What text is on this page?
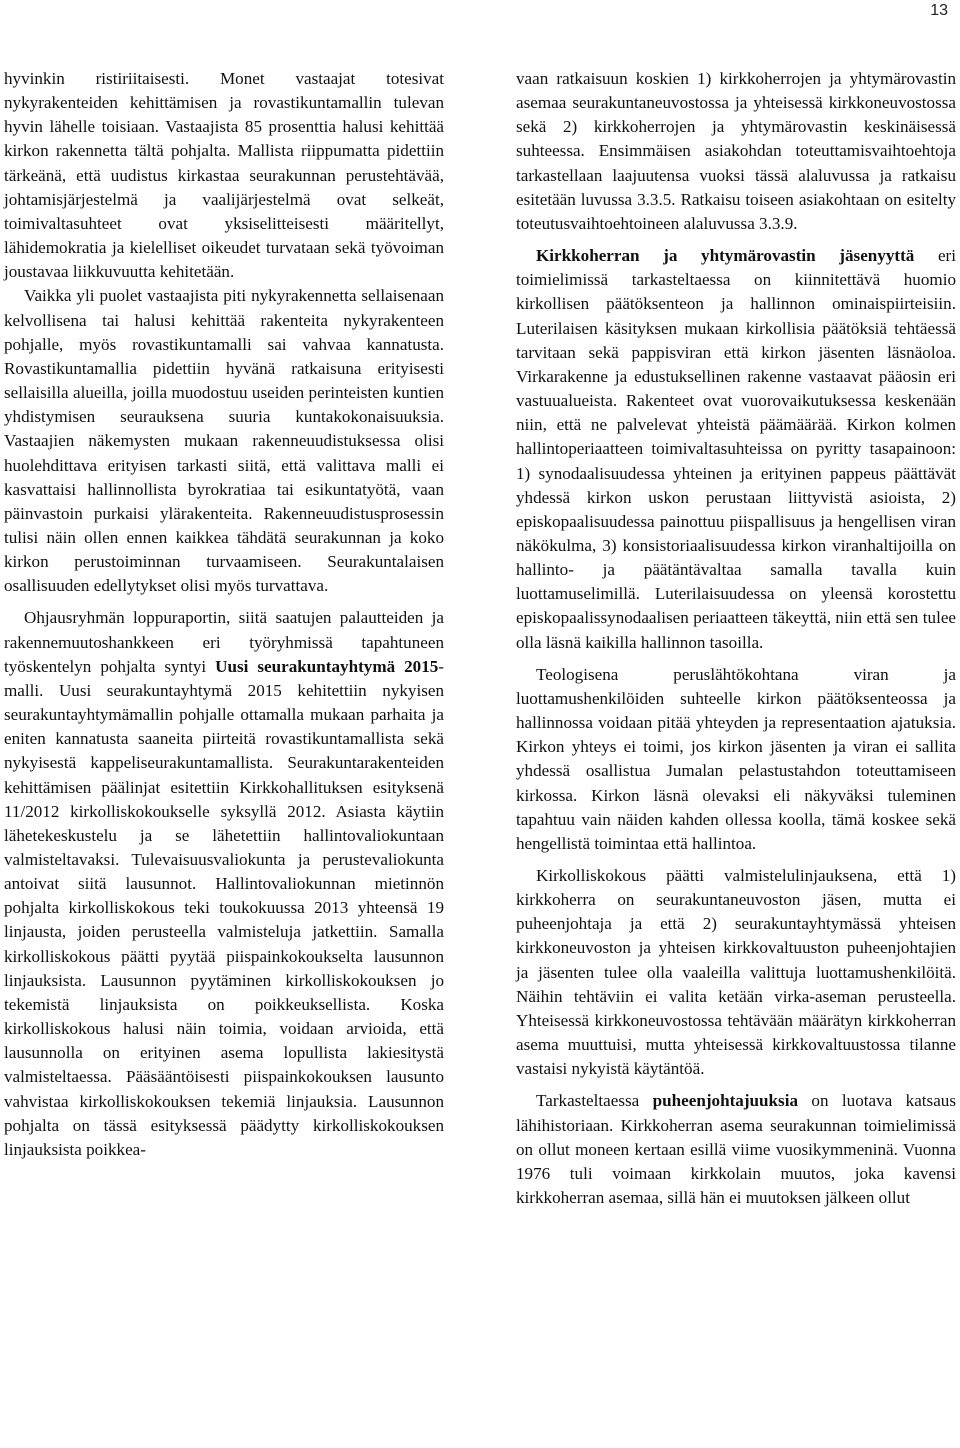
13

hyvinkin ristiriitaisesti. Monet vastaajat totesivat nykyrakenteiden kehittämisen ja rovastikuntamallin tulevan hyvin lähelle toisiaan. Vastaajista 85 prosenttia halusi kehittää kirkon rakennetta tältä pohjalta. Mallista riippumatta pidettiin tärkeänä, että uudistus kirkastaa seurakunnan perustehtävää, johtamisjärjestelmä ja vaalijärjestelmä ovat selkeät, toimivaltasuhteet ovat yksiselitteisesti määritellyt, lähidemokratia ja kielelliset oikeudet turvataan sekä työvoiman joustavaa liikkuvuutta kehitetään.

Vaikka yli puolet vastaajista piti nykyrakennetta sellaisenaan kelvollisena tai halusi kehittää rakenteita nykyrakenteen pohjalle, myös rovastikuntamalli sai vahvaa kannatusta. Rovastikuntamallia pidettiin hyvänä ratkaisuna erityisesti sellaisilla alueilla, joilla muodostuu useiden perinteisten kuntien yhdistymisen seurauksena suuria kuntakokonaisuuksia. Vastaajien näkemysten mukaan rakenneuudistuksessa olisi huolehdittava erityisen tarkasti siitä, että valittava malli ei kasvattaisi hallinnollista byrokratiaa tai esikuntatyötä, vaan päinvastoin purkaisi ylärakenteita. Rakenneuudistusprosessin tulisi näin ollen ennen kaikkea tähdätä seurakunnan ja koko kirkon perustoiminnan turvaamiseen. Seurakuntalaisen osallisuuden edellytykset olisi myös turvattava.

Ohjausryhmän loppuraportin, siitä saatujen palautteiden ja rakennemuutoshankkeen eri työryhmissä tapahtuneen työskentelyn pohjalta syntyi Uusi seurakuntayhtymä 2015-malli. Uusi seurakuntayhtymä 2015 kehitettiin nykyisen seurakuntayhtymämallin pohjalle ottamalla mukaan parhaita ja eniten kannatusta saaneita piirteitä rovastikuntamallista sekä nykyisestä kappeliseurakuntamallista. Seurakuntarakenteiden kehittämisen päälinjat esitettiin Kirkkohallituksen esityksenä 11/2012 kirkolliskokoukselle syksyllä 2012. Asiasta käytiin lähetekeskustelu ja se lähetettiin hallintovaliokuntaan valmisteltavaksi. Tulevaisuusvaliokunta ja perustevaliokunta antoivat siitä lausunnot. Hallintovaliokunnan mietinnön pohjalta kirkolliskokous teki toukokuussa 2013 yhteensä 19 linjausta, joiden perusteella valmisteluja jatkettiin. Samalla kirkolliskokous päätti pyytää piispainkokoukselta lausunnon linjauksista. Lausunnon pyytäminen kirkolliskokouksen jo tekemistä linjauksista on poikkeuksellista. Koska kirkolliskokous halusi näin toimia, voidaan arvioida, että lausunnolla on erityinen asema lopullista lakiesitystä valmisteltaessa. Pääsääntöisesti piispainkokouksen lausunto vahvistaa kirkolliskokouksen tekemiä linjauksia. Lausunnon pohjalta on tässä esityksessä päädytty kirkolliskokouksen linjauksista poikkea-

vaan ratkaisuun koskien 1) kirkkoherrojen ja yhtymärovastin asemaa seurakuntaneuvostossa ja yhteisessä kirkkoneuvostossa sekä 2) kirkkoherrojen ja yhtymärovastin keskinäisessä suhteessa. Ensimmäisen asiakohdan toteuttamisvaihtoehtoja tarkastellaan laajuutensa vuoksi tässä alaluvussa ja ratkaisu esitetään luvussa 3.3.5. Ratkaisu toiseen asiakohtaan on esitelty toteutusvaihtoehtoineen alaluvussa 3.3.9.

Kirkkoherran ja yhtymärovastin jäsenyyttä eri toimielimissä tarkasteltaessa on kiinnitettävä huomio kirkollisen päätöksenteon ja hallinnon ominaispiirteisiin. Luterilaisen käsityksen mukaan kirkollisia päätöksiä tehtäessä tarvitaan sekä pappisviran että kirkon jäsenten läsnäoloa. Virkarakenne ja edustuksellinen rakenne vastaavat pääosin eri vastuualueista. Rakenteet ovat vuorovaikutuksessa keskenään niin, että ne palvelevat yhteistä päämäärää. Kirkon kolmen hallintoperiaatteen toimivaltasuhteissa on pyritty tasapainoon: 1) synodaalisuudessa yhteinen ja erityinen pappeus päättävät yhdessä kirkon uskon perustaan liittyvistä asioista, 2) episkopaalisuudessa painottuu piispallisuus ja hengellisen viran näkökulma, 3) konsistoriaalisuudessa kirkon viranhaltijoilla on hallinto- ja päätäntävaltaa samalla tavalla kuin luottamuselimillä. Luterilaisuudessa on yleensä korostettu episkopaalissynodaalisen periaatteen täkeyttä, niin että sen tulee olla läsnä kaikilla hallinnon tasoilla.

Teologisena peruslähtökohtana viran ja luottamushenkilöiden suhteelle kirkon päätöksenteossa ja hallinnossa voidaan pitää yhteyden ja representaation ajatuksia. Kirkon yhteys ei toimi, jos kirkon jäsenten ja viran ei sallita yhdessä osallistua Jumalan pelastustahdon toteuttamiseen kirkossa. Kirkon läsnä olevaksi eli näkyväksi tuleminen tapahtuu vain näiden kahden ollessa koolla, tämä koskee sekä hengellistä toimintaa että hallintoa.

Kirkolliskokous päätti valmistelulinjauksena, että 1) kirkkoherra on seurakuntaneuvoston jäsen, mutta ei puheenjohtaja ja että 2) seurakuntayhtymässä yhteisen kirkkoneuvoston ja yhteisen kirkkovaltuuston puheenjohtajien ja jäsenten tulee olla vaaleilla valittuja luottamushenkilöitä. Näihin tehtäviin ei valita ketään virka-aseman perusteella. Yhteisessä kirkkoneuvostossa tehtävään määrätyn kirkkoherran asema muuttuisi, mutta yhteisessä kirkkovaltuustossa tilanne vastaisi nykyistä käytäntöä.

Tarkasteltaessa puheenjohtajuuksia on luotava katsaus lähihistoriaan. Kirkkoherran asema seurakunnan toimielimissä on ollut moneen kertaan esillä viime vuosikymmeninä. Vuonna 1976 tuli voimaan kirkkolain muutos, joka kavensi kirkkoherran asemaa, sillä hän ei muutoksen jälkeen ollut
